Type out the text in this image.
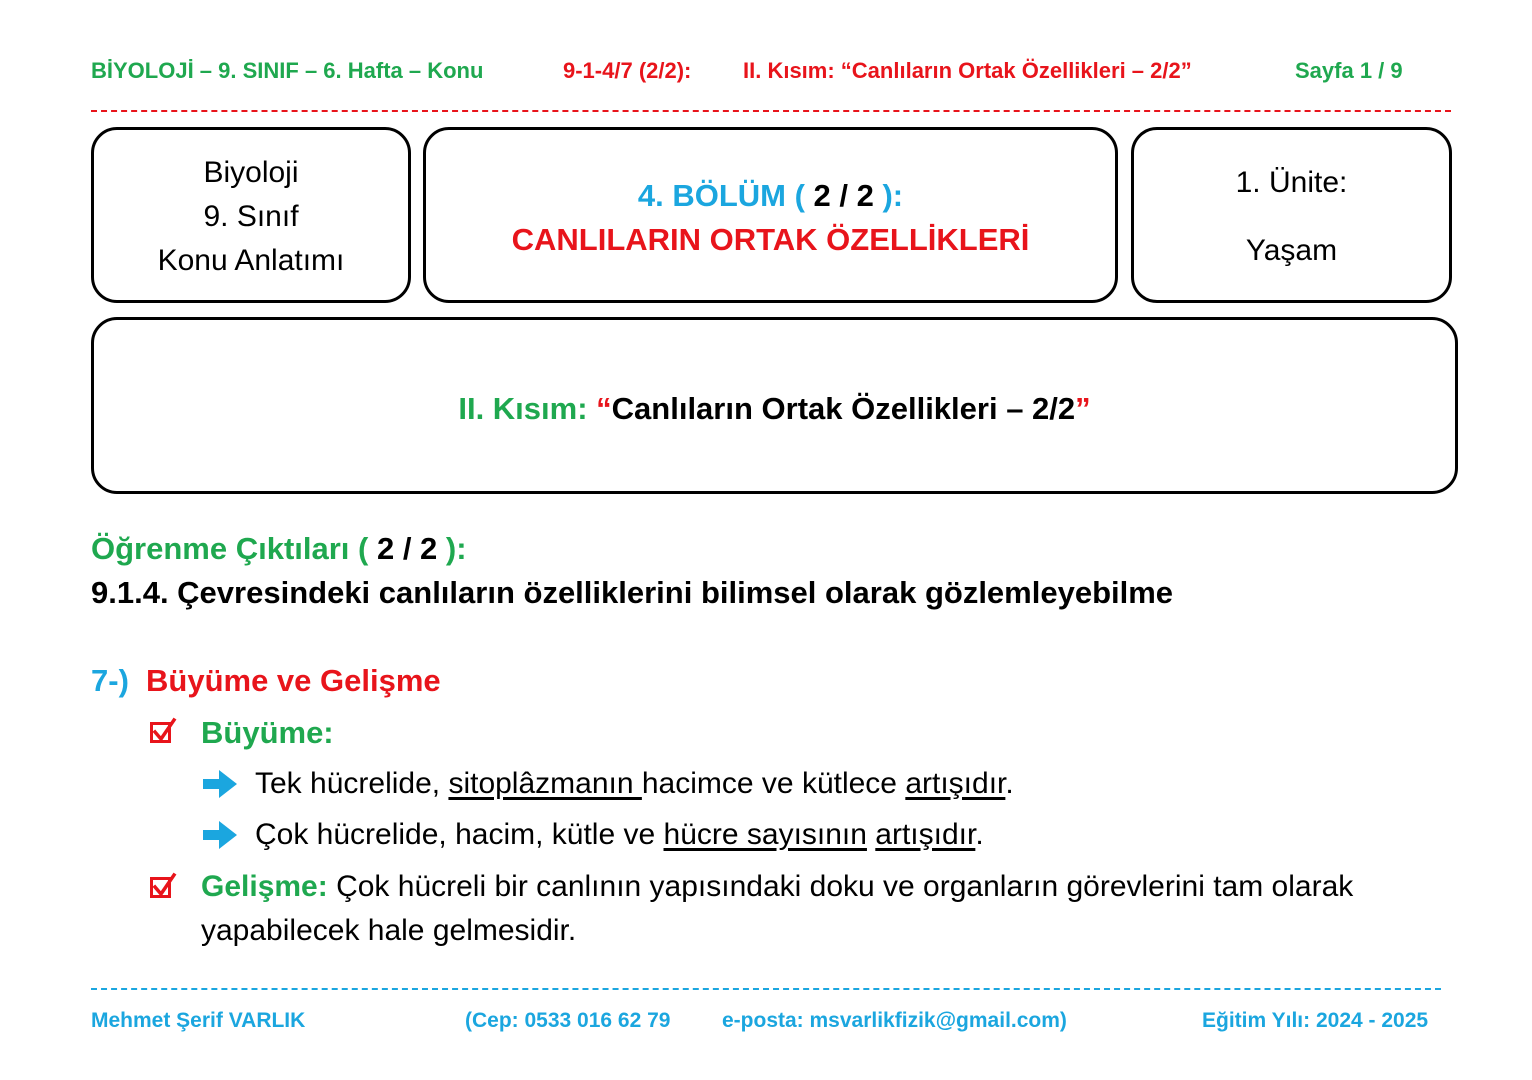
BİYOLOJİ – 9. SINIF – 6. Hafta – Konu	9-1-4/7 (2/2): II. Kısım: “Canlıların Ortak Özellikleri – 2/2”	Sayfa 1 / 9
Biyoloji
9. Sınıf
Konu Anlatımı
4. BÖLÜM ( 2 / 2 ):
CANLILARIN ORTAK ÖZELLİKLERİ
1. Ünite:
Yaşam
II. Kısım: “Canlıların Ortak Özellikleri – 2/2”
Öğrenme Çıktıları ( 2 / 2 ):
9.1.4. Çevresindeki canlıların özelliklerini bilimsel olarak gözlemleyebilme
7-) Büyüme ve Gelişme
Büyüme:
Tek hücrelide, sitoplâzmanın hacimce ve kütlece artışıdır.
Çok hücrelide, hacim, kütle ve hücre sayısının artışıdır.
Gelişme: Çok hücreli bir canlının yapısındaki doku ve organların görevlerini tam olarak
yapabilecek hale gelmesidir.
Mehmet Şerif VARLIK	(Cep: 0533 016 62 79 e-posta: msvarlikfizik@gmail.com)	Eğitim Yılı: 2024 - 2025
